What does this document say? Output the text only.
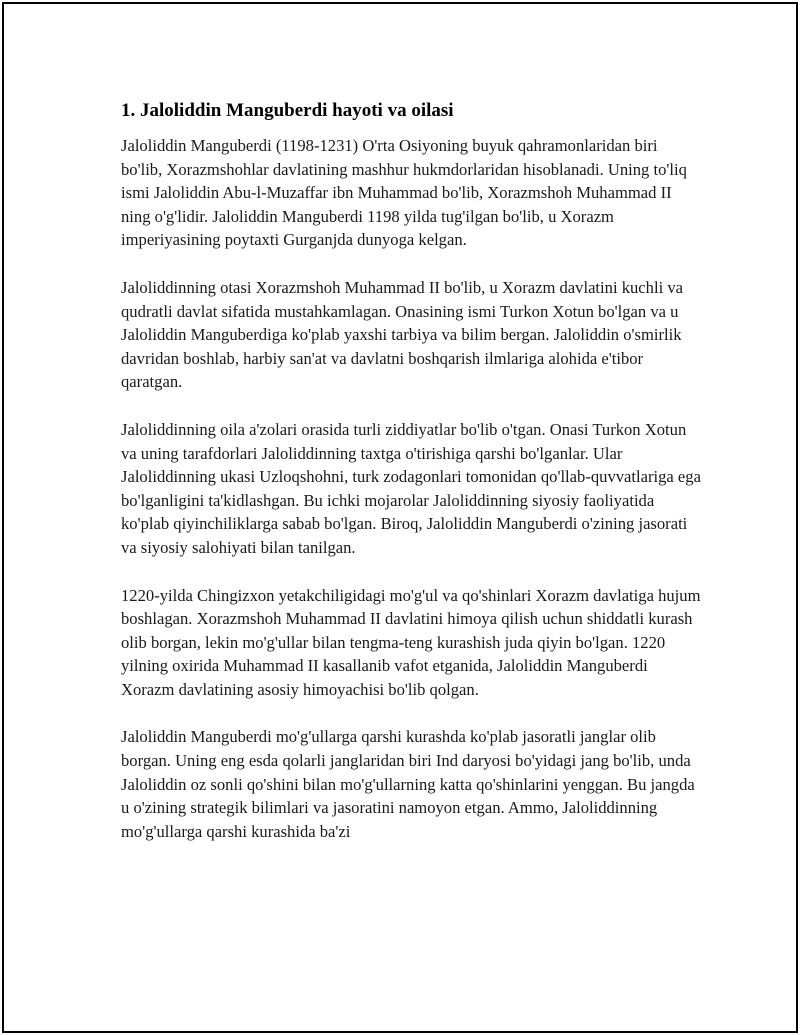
1. Jaloliddin Manguberdi hayoti va oilasi

Jaloliddin Manguberdi (1198-1231) O'rta Osiyoning buyuk qahramonlaridan biri bo'lib, Xorazmshohlar davlatining mashhur hukmdorlaridan hisoblanadi. Uning to'liq ismi Jaloliddin Abu-l-Muzaffar ibn Muhammad bo'lib, Xorazmshoh Muhammad II ning o'g'lidir. Jaloliddin Manguberdi 1198 yilda tug'ilgan bo'lib, u Xorazm imperiyasining poytaxti Gurganjda dunyoga kelgan.

Jaloliddinning otasi Xorazmshoh Muhammad II bo'lib, u Xorazm davlatini kuchli va qudratli davlat sifatida mustahkamlagan. Onasining ismi Turkon Xotun bo'lgan va u Jaloliddin Manguberdiga ko'plab yaxshi tarbiya va bilim bergan. Jaloliddin o'smirlik davridan boshlab, harbiy san'at va davlatni boshqarish ilmlariga alohida e'tibor qaratgan.

Jaloliddinning oila a'zolari orasida turli ziddiyatlar bo'lib o'tgan. Onasi Turkon Xotun va uning tarafdorlari Jaloliddinning taxtga o'tirishiga qarshi bo'lganlar. Ular Jaloliddinning ukasi Uzloqshohni, turk zodagonlari tomonidan qo'llab-quvvatlariga ega bo'lganligini ta'kidlashgan. Bu ichki mojarolar Jaloliddinning siyosiy faoliyatida ko'plab qiyinchiliklarga sabab bo'lgan. Biroq, Jaloliddin Manguberdi o'zining jasorati va siyosiy salohiyati bilan tanilgan.

1220-yilda Chingizxon yetakchiligidagi mo'g'ul va qo'shinlari Xorazm davlatiga hujum boshlagan. Xorazmshoh Muhammad II davlatini himoya qilish uchun shiddatli kurash olib borgan, lekin mo'g'ullar bilan tengma-teng kurashish juda qiyin bo'lgan. 1220 yilning oxirida Muhammad II kasallanib vafot etganida, Jaloliddin Manguberdi Xorazm davlatining asosiy himoyachisi bo'lib qolgan.

Jaloliddin Manguberdi mo'g'ullarga qarshi kurashda ko'plab jasoratli janglar olib borgan. Uning eng esda qolarli janglaridan biri Ind daryosi bo'yidagi jang bo'lib, unda Jaloliddin oz sonli qo'shini bilan mo'g'ullarning katta qo'shinlarini yenggan. Bu jangda u o'zining strategik bilimlari va jasoratini namoyon etgan. Ammo, Jaloliddinning mo'g'ullarga qarshi kurashida ba'zi
